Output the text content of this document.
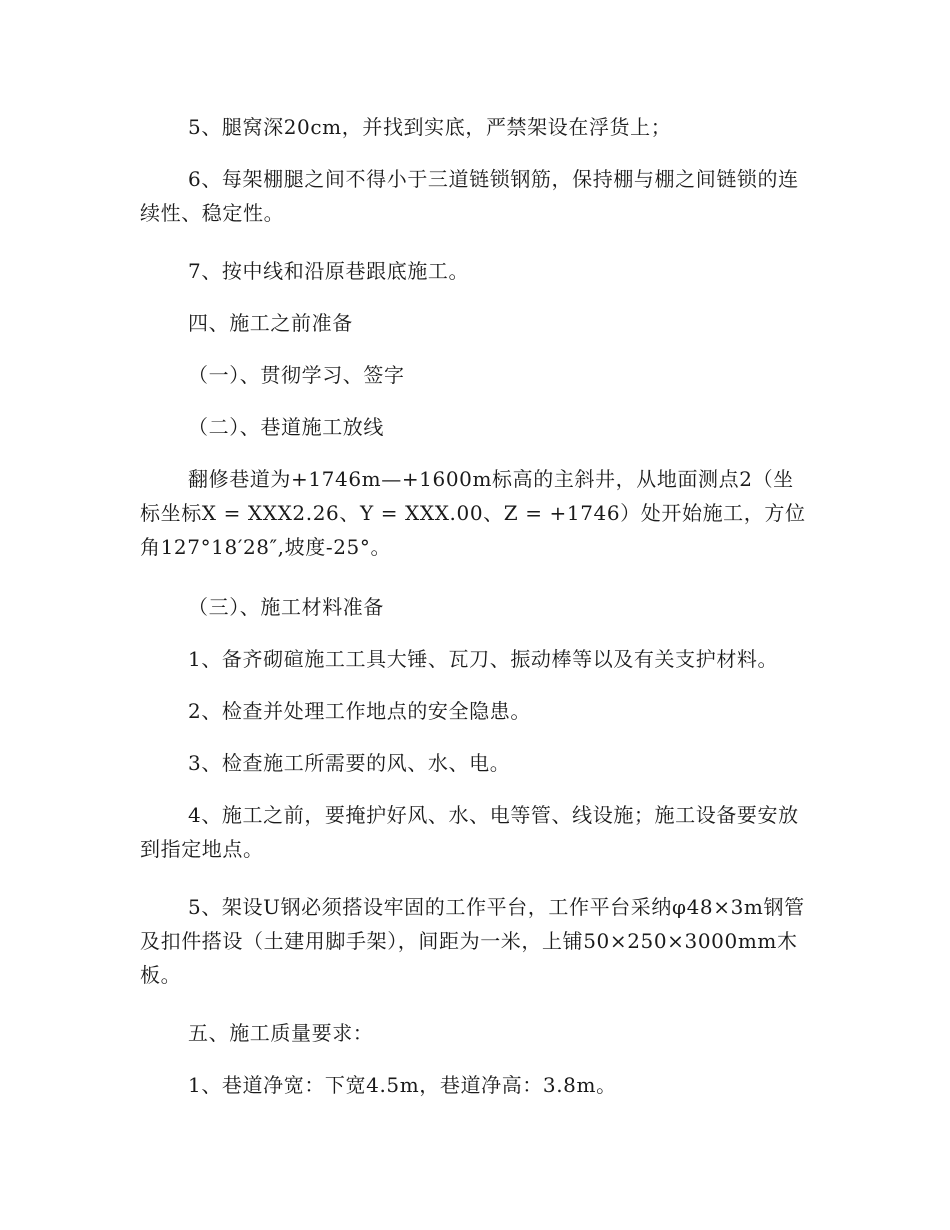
5、腿窝深20cm，并找到实底，严禁架设在浮货上；

6、每架棚腿之间不得小于三道链锁钢筋，保持棚与棚之间链锁的连续性、稳定性。

7、按中线和沿原巷跟底施工。

四、施工之前准备

（一）、贯彻学习、签字

（二）、巷道施工放线

翻修巷道为+1746m—+1600m标高的主斜井，从地面测点2（坐标坐标X = XXX2.26、Y = XXX.00、Z = +1746）处开始施工，方位角127°18′28″,坡度-25°。

（三）、施工材料准备

1、备齐砌碹施工工具大锤、瓦刀、振动棒等以及有关支护材料。

2、检查并处理工作地点的安全隐患。

3、检查施工所需要的风、水、电。

4、施工之前，要掩护好风、水、电等管、线设施；施工设备要安放到指定地点。

5、架设U钢必须搭设牢固的工作平台，工作平台采纳φ48×3m钢管及扣件搭设（土建用脚手架），间距为一米，上铺50×250×3000mm木板。

五、施工质量要求：

1、巷道净宽：下宽4.5m，巷道净高：3.8m。
